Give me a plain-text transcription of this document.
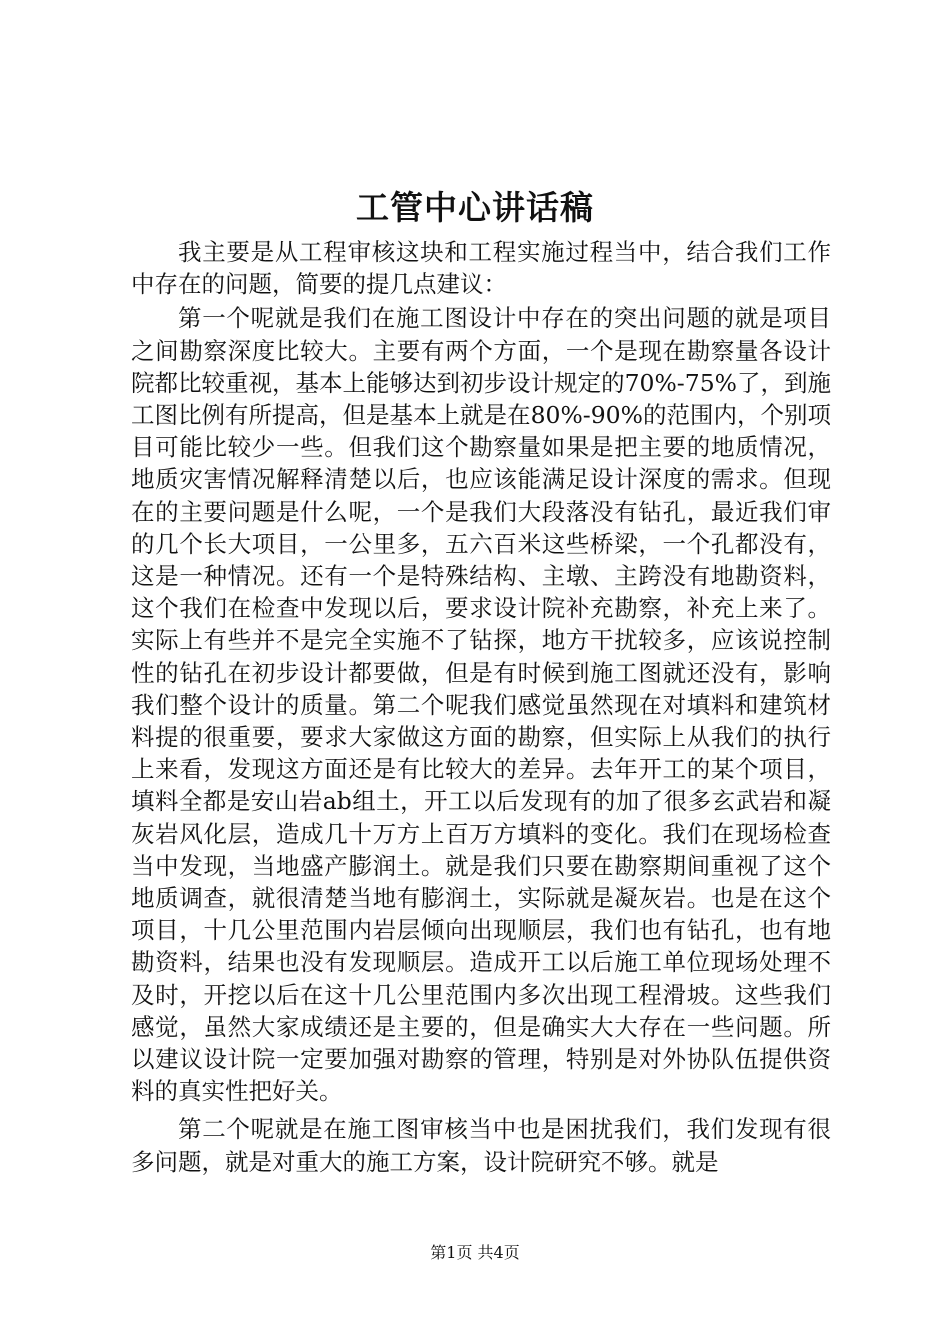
工管中心讲话稿

我主要是从工程审核这块和工程实施过程当中，结合我们工作中存在的问题，简要的提几点建议：

第一个呢就是我们在施工图设计中存在的突出问题的就是项目之间勘察深度比较大。主要有两个方面，一个是现在勘察量各设计院都比较重视，基本上能够达到初步设计规定的70%-75%了，到施工图比例有所提高，但是基本上就是在80%-90%的范围内，个别项目可能比较少一些。但我们这个勘察量如果是把主要的地质情况，地质灾害情况解释清楚以后，也应该能满足设计深度的需求。但现在的主要问题是什么呢，一个是我们大段落没有钻孔，最近我们审的几个长大项目，一公里多，五六百米这些桥梁，一个孔都没有，这是一种情况。还有一个是特殊结构、主墩、主跨没有地勘资料，这个我们在检查中发现以后，要求设计院补充勘察，补充上来了。实际上有些并不是完全实施不了钻探，地方干扰较多，应该说控制性的钻孔在初步设计都要做，但是有时候到施工图就还没有，影响我们整个设计的质量。第二个呢我们感觉虽然现在对填料和建筑材料提的很重要，要求大家做这方面的勘察，但实际上从我们的执行上来看，发现这方面还是有比较大的差异。去年开工的某个项目，填料全都是安山岩ab组土，开工以后发现有的加了很多玄武岩和凝灰岩风化层，造成几十万方上百万方填料的变化。我们在现场检查当中发现，当地盛产膨润土。就是我们只要在勘察期间重视了这个地质调查，就很清楚当地有膨润土，实际就是凝灰岩。也是在这个项目，十几公里范围内岩层倾向出现顺层，我们也有钻孔，也有地勘资料，结果也没有发现顺层。造成开工以后施工单位现场处理不及时，开挖以后在这十几公里范围内多次出现工程滑坡。这些我们感觉，虽然大家成绩还是主要的，但是确实大大存在一些问题。所以建议设计院一定要加强对勘察的管理，特别是对外协队伍提供资料的真实性把好关。

第二个呢就是在施工图审核当中也是困扰我们，我们发现有很多问题，就是对重大的施工方案，设计院研究不够。就是

第1页 共4页
